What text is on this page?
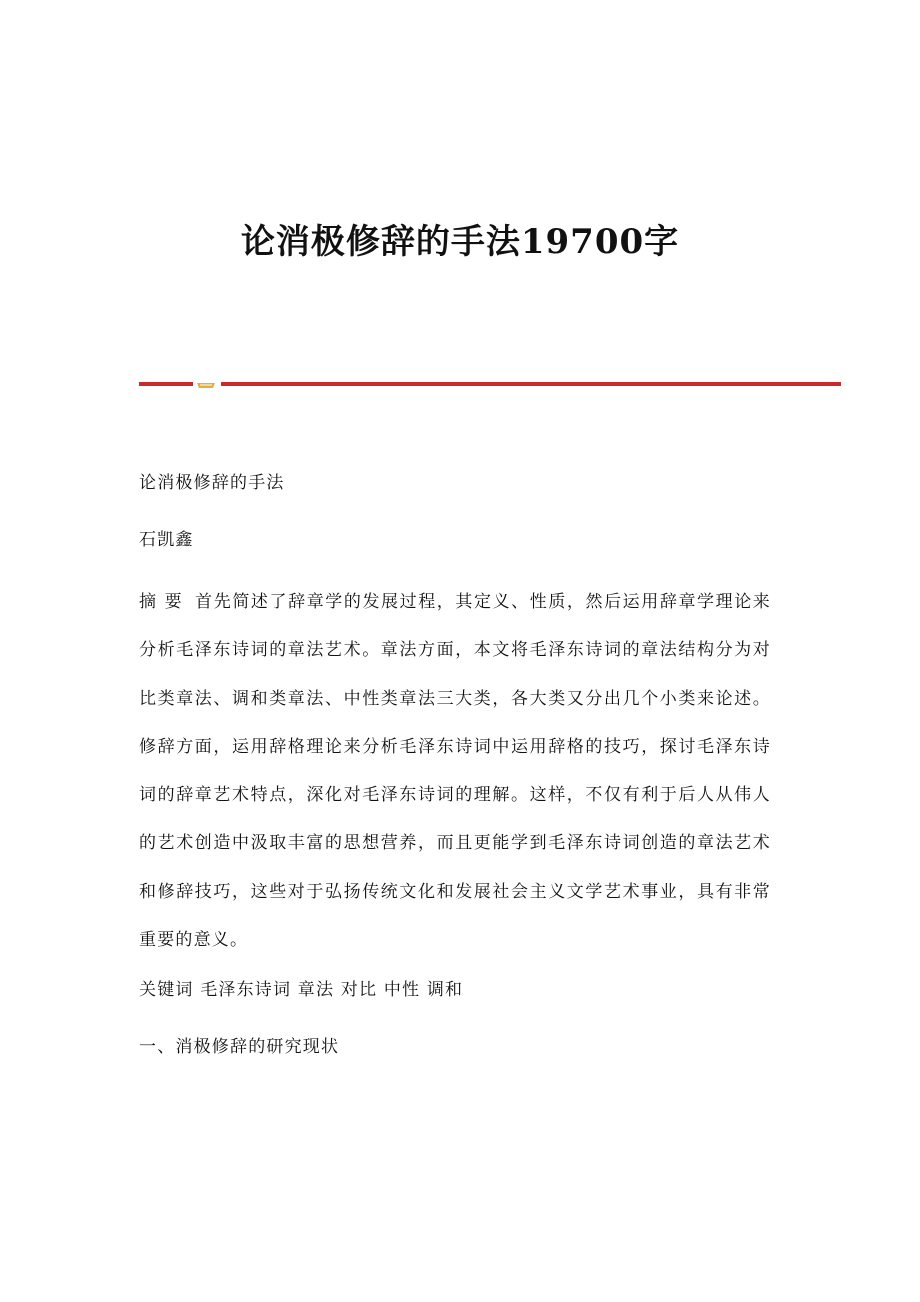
论消极修辞的手法19700字

论消极修辞的手法

石凯鑫

摘 要 首先简述了辞章学的发展过程，其定义、性质，然后运用辞章学理论来分析毛泽东诗词的章法艺术。章法方面，本文将毛泽东诗词的章法结构分为对比类章法、调和类章法、中性类章法三大类，各大类又分出几个小类来论述。修辞方面，运用辞格理论来分析毛泽东诗词中运用辞格的技巧，探讨毛泽东诗词的辞章艺术特点，深化对毛泽东诗词的理解。这样，不仅有利于后人从伟人的艺术创造中汲取丰富的思想营养，而且更能学到毛泽东诗词创造的章法艺术和修辞技巧，这些对于弘扬传统文化和发展社会主义文学艺术事业，具有非常重要的意义。

关键词 毛泽东诗词 章法 对比 中性 调和

一、消极修辞的研究现状
